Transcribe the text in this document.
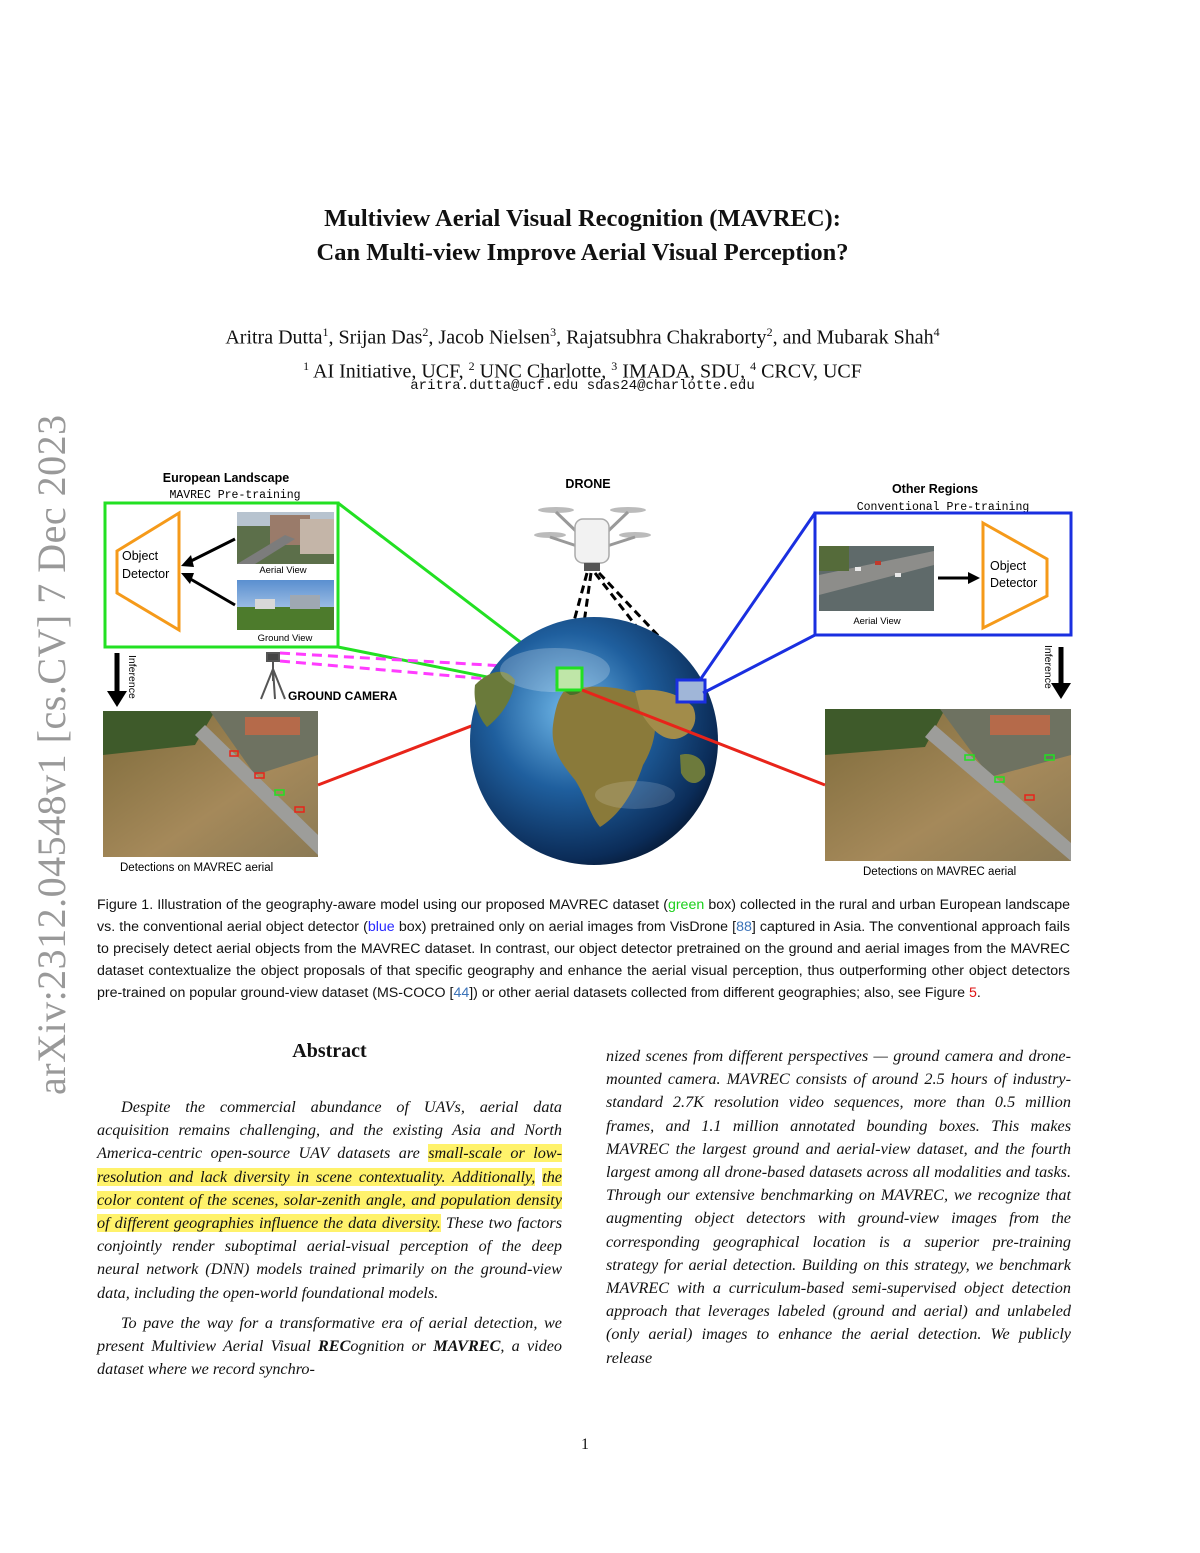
arXiv:2312.04548v1 [cs.CV] 7 Dec 2023
Multiview Aerial Visual Recognition (MAVREC):
Can Multi-view Improve Aerial Visual Perception?
Aritra Dutta$^1$, Srijan Das$^2$, Jacob Nielsen$^3$, Rajatsubhra Chakraborty$^2$, and Mubarak Shah$^4$
$^1$ AI Initiative, UCF, $^2$ UNC Charlotte, $^3$ IMADA, SDU, $^4$ CRCV, UCF
aritra.dutta@ucf.edu sdas24@charlotte.edu
European Landscape
MAVREC Pre-training
Object
Detector	Aerial View
Ground View
Inference	GROUND CAMERA
Detections on MAVREC aerial
DRONE	Other Regions
Conventional Pre-training
Aerial View
Object
Detector
Inference
Detections on MAVREC aerial
Figure 1. Illustration of the geography-aware model using our proposed MAVREC dataset (green box) collected in the rural and urban European landscape vs. the conventional aerial object detector (blue box) pretrained only on aerial images from VisDrone [88] captured in Asia. The conventional approach fails to precisely detect aerial objects from the MAVREC dataset. In contrast, our object detector pretrained on the ground and aerial images from the MAVREC dataset contextualize the object proposals of that specific geography and enhance the aerial visual perception, thus outperforming other object detectors pre-trained on popular ground-view dataset (MS-COCO [44]) or other aerial datasets collected from different geographies; also, see Figure 5.
Abstract

Despite the commercial abundance of UAVs, aerial data acquisition remains challenging, and the existing Asia and North America-centric open-source UAV datasets are small-scale or low-resolution and lack diversity in scene contextuality. Additionally, the color content of the scenes, solar-zenith angle, and population density of different geographies influence the data diversity. These two factors conjointly render suboptimal aerial-visual perception of the deep neural network (DNN) models trained primarily on the ground-view data, including the open-world foundational models.

To pave the way for a transformative era of aerial detection, we present Multiview Aerial Visual RECognition or MAVREC, a video dataset where we record synchro-

nized scenes from different perspectives — ground camera and drone-mounted camera. MAVREC consists of around 2.5 hours of industry-standard 2.7K resolution video sequences, more than 0.5 million frames, and 1.1 million annotated bounding boxes. This makes MAVREC the largest ground and aerial-view dataset, and the fourth largest among all drone-based datasets across all modalities and tasks. Through our extensive benchmarking on MAVREC, we recognize that augmenting object detectors with ground-view images from the corresponding geographical location is a superior pre-training strategy for aerial detection. Building on this strategy, we benchmark MAVREC with a curriculum-based semi-supervised object detection approach that leverages labeled (ground and aerial) and unlabeled (only aerial) images to enhance the aerial detection. We publicly release

1
